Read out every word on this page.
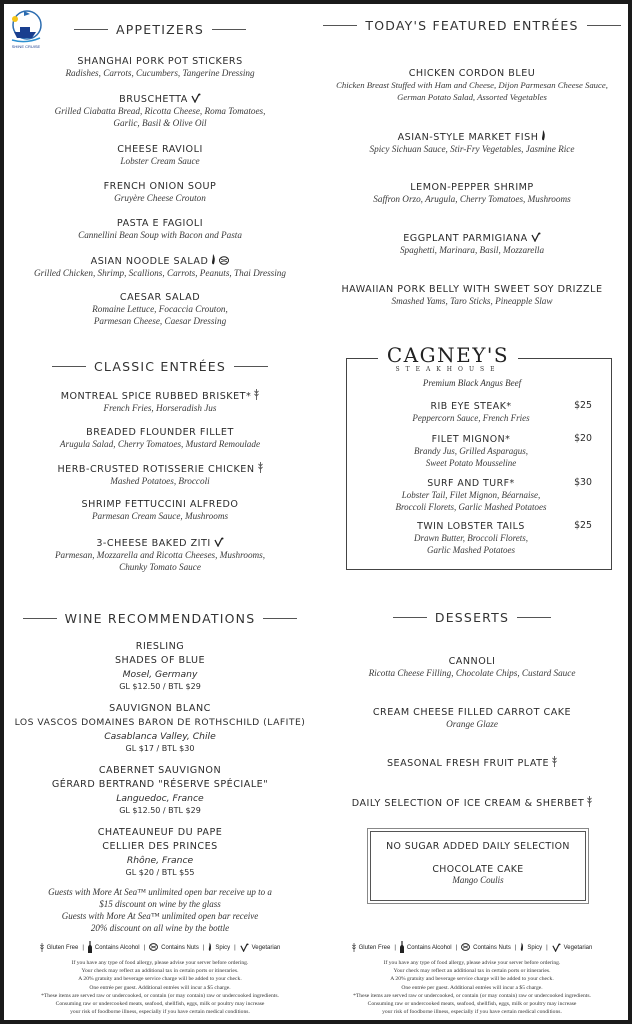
SHINE CRUISE
APPETIZERS
SHANGHAI PORK POT STICKERS
Radishes, Carrots, Cucumbers, Tangerine Dressing
BRUSCHETTA
Grilled Ciabatta Bread, Ricotta Cheese, Roma Tomatoes,
Garlic, Basil & Olive Oil
CHEESE RAVIOLI
Lobster Cream Sauce
FRENCH ONION SOUP
Gruyère Cheese Crouton
PASTA E FAGIOLI
Cannellini Bean Soup with Bacon and Pasta
ASIAN NOODLE SALAD
Grilled Chicken, Shrimp, Scallions, Carrots, Peanuts, Thai Dressing
CAESAR SALAD
Romaine Lettuce, Focaccia Crouton,
Parmesan Cheese, Caesar Dressing
CLASSIC ENTRÉES
MONTREAL SPICE RUBBED BRISKET*
French Fries, Horseradish Jus
BREADED FLOUNDER FILLET
Arugula Salad, Cherry Tomatoes, Mustard Remoulade
HERB-CRUSTED ROTISSERIE CHICKEN
Mashed Potatoes, Broccoli
SHRIMP FETTUCCINI ALFREDO
Parmesan Cream Sauce, Mushrooms
3-CHEESE BAKED ZITI
Parmesan, Mozzarella and Ricotta Cheeses, Mushrooms,
Chunky Tomato Sauce
WINE RECOMMENDATIONS
RIESLING
SHADES OF BLUE
Mosel, Germany
GL $12.50 / BTL $29
SAUVIGNON BLANC
LOS VASCOS DOMAINES BARON DE ROTHSCHILD (LAFITE)
Casablanca Valley, Chile
GL $17 / BTL $30
CABERNET SAUVIGNON
GÉRARD BERTRAND "RÉSERVE SPÉCIALE"
Languedoc, France
GL $12.50 / BTL $29
CHATEAUNEUF DU PAPE
CELLIER DES PRINCES
Rhône, France
GL $20 / BTL $55
Guests with More At Sea™ unlimited open bar receive up to a
$15 discount on wine by the glass
Guests with More At Sea™ unlimited open bar receive
20% discount on all wine by the bottle
Gluten Free | Contains Alcohol |	Contains Nuts | Spicy |	Vegetarian
If you have any type of food allergy, please advise your server before ordering.
Your check may reflect an additional tax in certain ports or itineraries.
A 20% gratuity and beverage service charge will be added to your check.
One entrée per guest. Additional entrées will incur a $5 charge.
*These items are served raw or undercooked, or contain (or may contain) raw or undercooked ingredients.
Consuming raw or undercooked meats, seafood, shellfish, eggs, milk or poultry may increase
your risk of foodborne illness, especially if you have certain medical conditions.
TODAY'S FEATURED ENTRÉES
CHICKEN CORDON BLEU
Chicken Breast Stuffed with Ham and Cheese, Dijon Parmesan Cheese Sauce,
German Potato Salad, Assorted Vegetables
ASIAN-STYLE MARKET FISH
Spicy Sichuan Sauce, Stir-Fry Vegetables, Jasmine Rice
LEMON-PEPPER SHRIMP
Saffron Orzo, Arugula, Cherry Tomatoes, Mushrooms
EGGPLANT PARMIGIANA
Spaghetti, Marinara, Basil, Mozzarella
HAWAIIAN PORK BELLY WITH SWEET SOY DRIZZLE
Smashed Yams, Taro Sticks, Pineapple Slaw
CAGNEY'S
STEAKHOUSE
Premium Black Angus Beef
RIB EYE STEAK*
Peppercorn Sauce, French Fries
$25
FILET MIGNON*
Brandy Jus, Grilled Asparagus,
Sweet Potato Mousseline
$20
SURF AND TURF*
Lobster Tail, Filet Mignon, Béarnaise,
Broccoli Florets, Garlic Mashed Potatoes
$30
TWIN LOBSTER TAILS
Drawn Butter, Broccoli Florets,
Garlic Mashed Potatoes
$25
DESSERTS
CANNOLI
Ricotta Cheese Filling, Chocolate Chips, Custard Sauce
CREAM CHEESE FILLED CARROT CAKE
Orange Glaze
SEASONAL FRESH FRUIT PLATE
DAILY SELECTION OF ICE CREAM & SHERBET
NO SUGAR ADDED DAILY SELECTION
CHOCOLATE CAKE
Mango Coulis
Gluten Free | Contains Alcohol |	Contains Nuts | Spicy |	Vegetarian
If you have any type of food allergy, please advise your server before ordering.
Your check may reflect an additional tax in certain ports or itineraries.
A 20% gratuity and beverage service charge will be added to your check.
One entrée per guest. Additional entrées will incur a $5 charge.
*These items are served raw or undercooked, or contain (or may contain) raw or undercooked ingredients.
Consuming raw or undercooked meats, seafood, shellfish, eggs, milk or poultry may increase
your risk of foodborne illness, especially if you have certain medical conditions.
